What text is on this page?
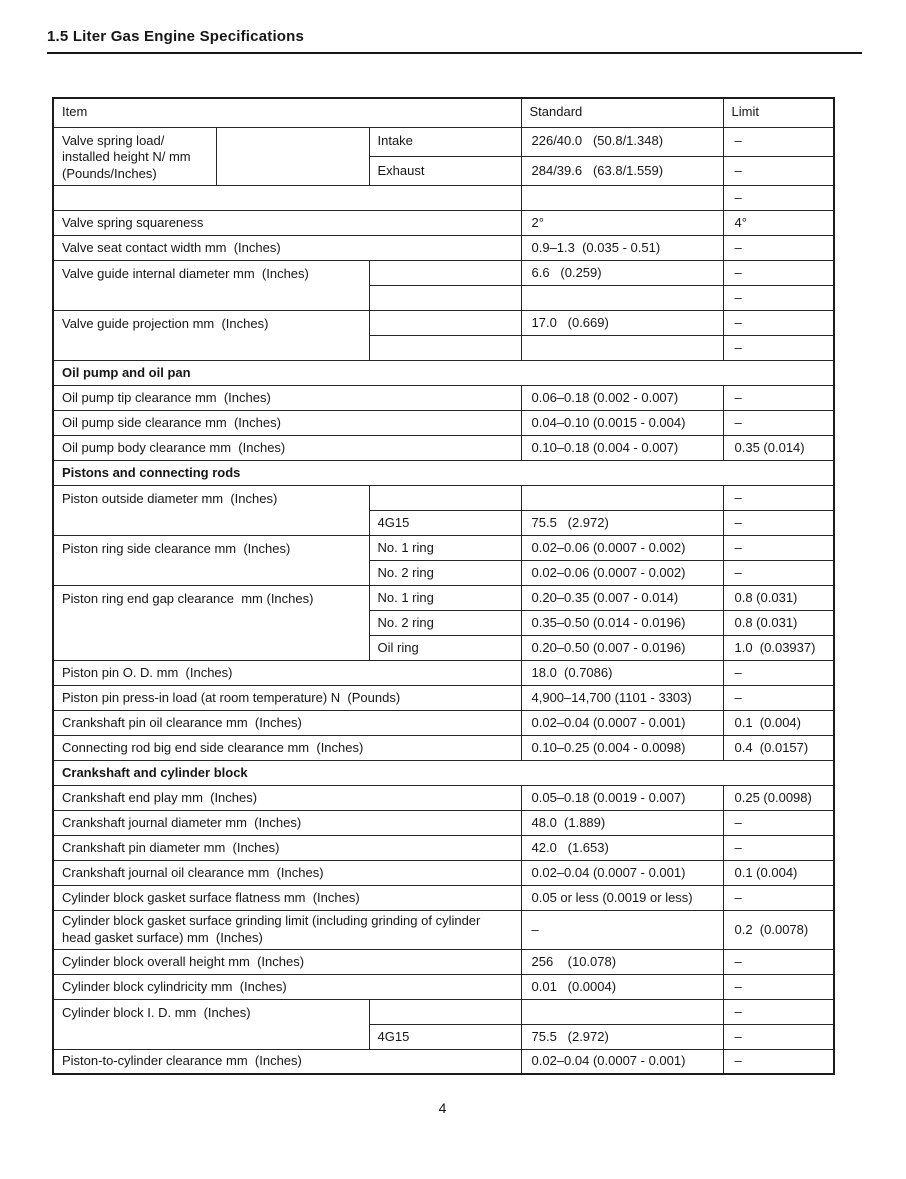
1.5 Liter Gas Engine Specifications
Item			Standard	Limit
Valve spring load/ installed height N/ mm (Pounds/Inches)		Intake	226/40.0   (50.8/1.348)	–
		Exhaust	284/39.6   (63.8/1.559)	–
				–
Valve spring squareness			2°	4°
Valve seat contact width mm  (Inches)			0.9–1.3  (0.035 - 0.51)	–
Valve guide internal diameter mm  (Inches)			6.6   (0.259)	–
				–
Valve guide projection mm  (Inches)			17.0   (0.669)	–
				–
Oil pump and oil pan				
Oil pump tip clearance mm  (Inches)			0.06–0.18 (0.002 - 0.007)	–
Oil pump side clearance mm  (Inches)			0.04–0.10 (0.0015 - 0.004)	–
Oil pump body clearance mm  (Inches)			0.10–0.18 (0.004 - 0.007)	0.35 (0.014)
Pistons and connecting rods				
Piston outside diameter mm  (Inches)				–
		4G15	75.5   (2.972)	–
Piston ring side clearance mm  (Inches)		No. 1 ring	0.02–0.06 (0.0007 - 0.002)	–
		No. 2 ring	0.02–0.06 (0.0007 - 0.002)	–
Piston ring end gap clearance  mm (Inches)		No. 1 ring	0.20–0.35 (0.007 - 0.014)	0.8 (0.031)
		No. 2 ring	0.35–0.50 (0.014 - 0.0196)	0.8 (0.031)
		Oil ring	0.20–0.50 (0.007 - 0.0196)	1.0  (0.03937)
Piston pin O. D. mm  (Inches)			18.0  (0.7086)	–
Piston pin press-in load (at room temperature) N  (Pounds)			4,900–14,700 (1101 - 3303)	–
Crankshaft pin oil clearance mm  (Inches)			0.02–0.04 (0.0007 - 0.001)	0.1  (0.004)
Connecting rod big end side clearance mm  (Inches)			0.10–0.25 (0.004 - 0.0098)	0.4  (0.0157)
Crankshaft and cylinder block				
Crankshaft end play mm  (Inches)			0.05–0.18 (0.0019 - 0.007)	0.25 (0.0098)
Crankshaft journal diameter mm  (Inches)			48.0  (1.889)	–
Crankshaft pin diameter mm  (Inches)			42.0   (1.653)	–
Crankshaft journal oil clearance mm  (Inches)			0.02–0.04 (0.0007 - 0.001)	0.1 (0.004)
Cylinder block gasket surface flatness mm  (Inches)			0.05 or less (0.0019 or less)	–
Cylinder block gasket surface grinding limit (including grinding of cylinder head gasket surface) mm  (Inches)			–	0.2  (0.0078)
Cylinder block overall height mm  (Inches)			256    (10.078)	–
Cylinder block cylindricity mm  (Inches)			0.01   (0.0004)	–
Cylinder block I. D. mm  (Inches)				–
		4G15	75.5   (2.972)	–
Piston-to-cylinder clearance mm  (Inches)			0.02–0.04 (0.0007 - 0.001)	–
4
